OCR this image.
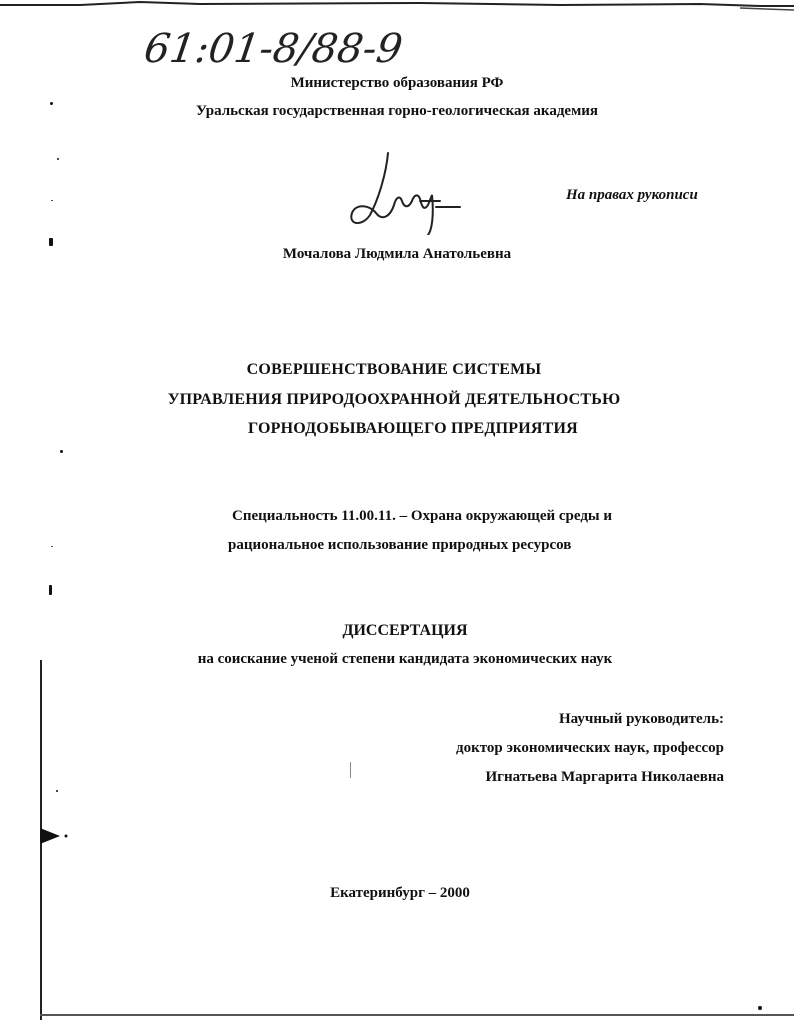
61:01-8/88-9
Министерство образования РФ
Уральская государственная горно-геологическая академия
На правах рукописи
Мочалова Людмила Анатольевна
СОВЕРШЕНСТВОВАНИЕ СИСТЕМЫ
УПРАВЛЕНИЯ ПРИРОДООХРАННОЙ ДЕЯТЕЛЬНОСТЬЮ
ГОРНОДОБЫВАЮЩЕГО ПРЕДПРИЯТИЯ
Специальность 11.00.11. – Охрана окружающей среды и
рациональное использование природных ресурсов
ДИССЕРТАЦИЯ
на соискание ученой степени кандидата экономических наук
Научный руководитель:
доктор экономических наук, профессор
Игнатьева Маргарита Николаевна
Екатеринбург – 2000
